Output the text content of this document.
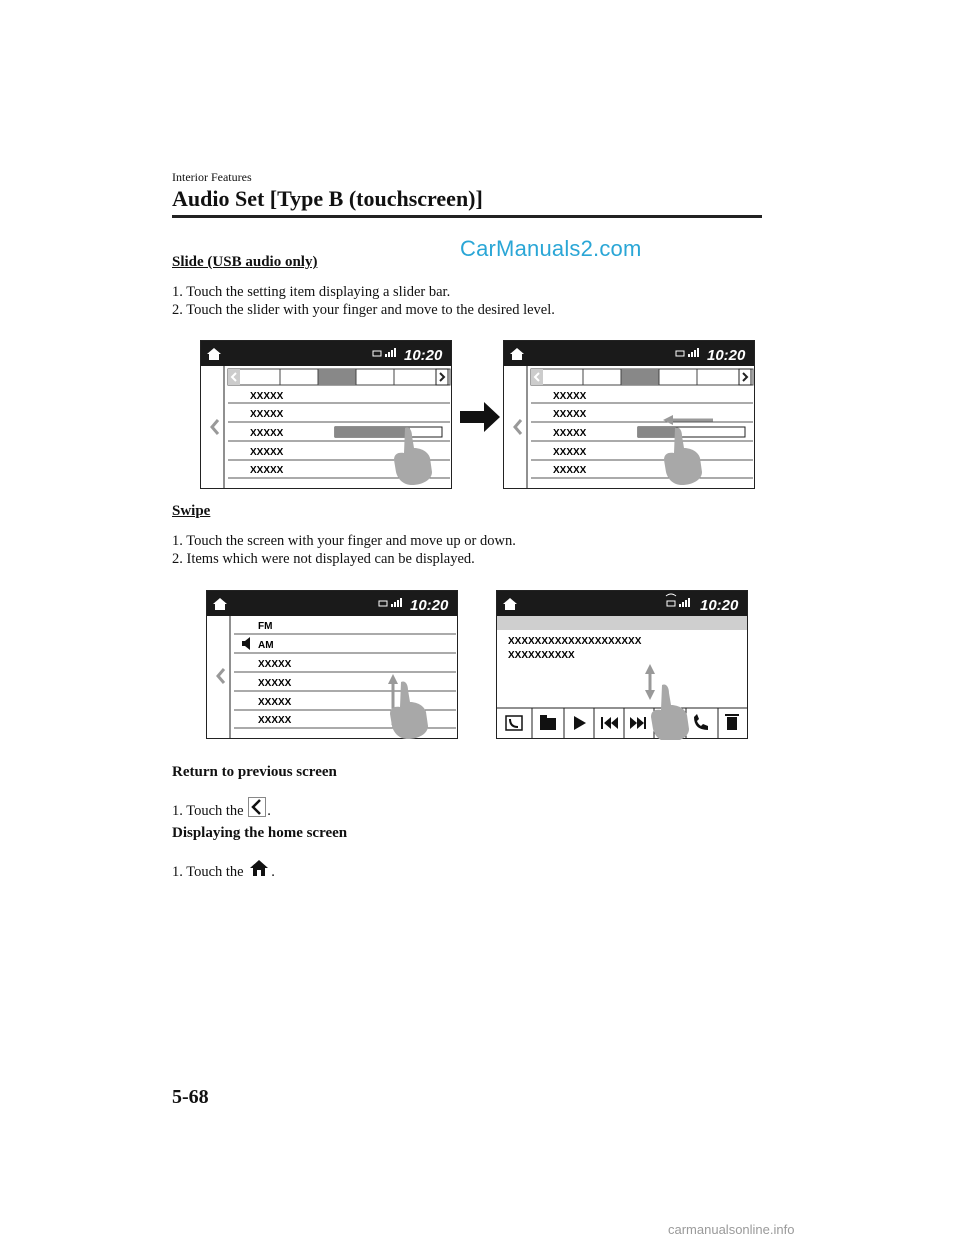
Interior Features
Audio Set [Type B (touchscreen)]
CarManuals2.com
Slide (USB audio only)
1. Touch the setting item displaying a slider bar.
2. Touch the slider with your finger and move to the desired level.
10:20
XXXXX
XXXXX
XXXXX
XXXXX
XXXXX
10:20
XXXXX
XXXXX
XXXXX
XXXXX
XXXXX
Swipe
1. Touch the screen with your finger and move up or down.
2. Items which were not displayed can be displayed.
10:20
FM
AM
XXXXX
XXXXX
XXXXX
XXXXX
10:20
XXXXXXXXXXXXXXXXXXXX
XXXXXXXXXX
Return to previous screen
1. Touch the .
Displaying the home screen
1. Touch the .
5-68
carmanualsonline.info
